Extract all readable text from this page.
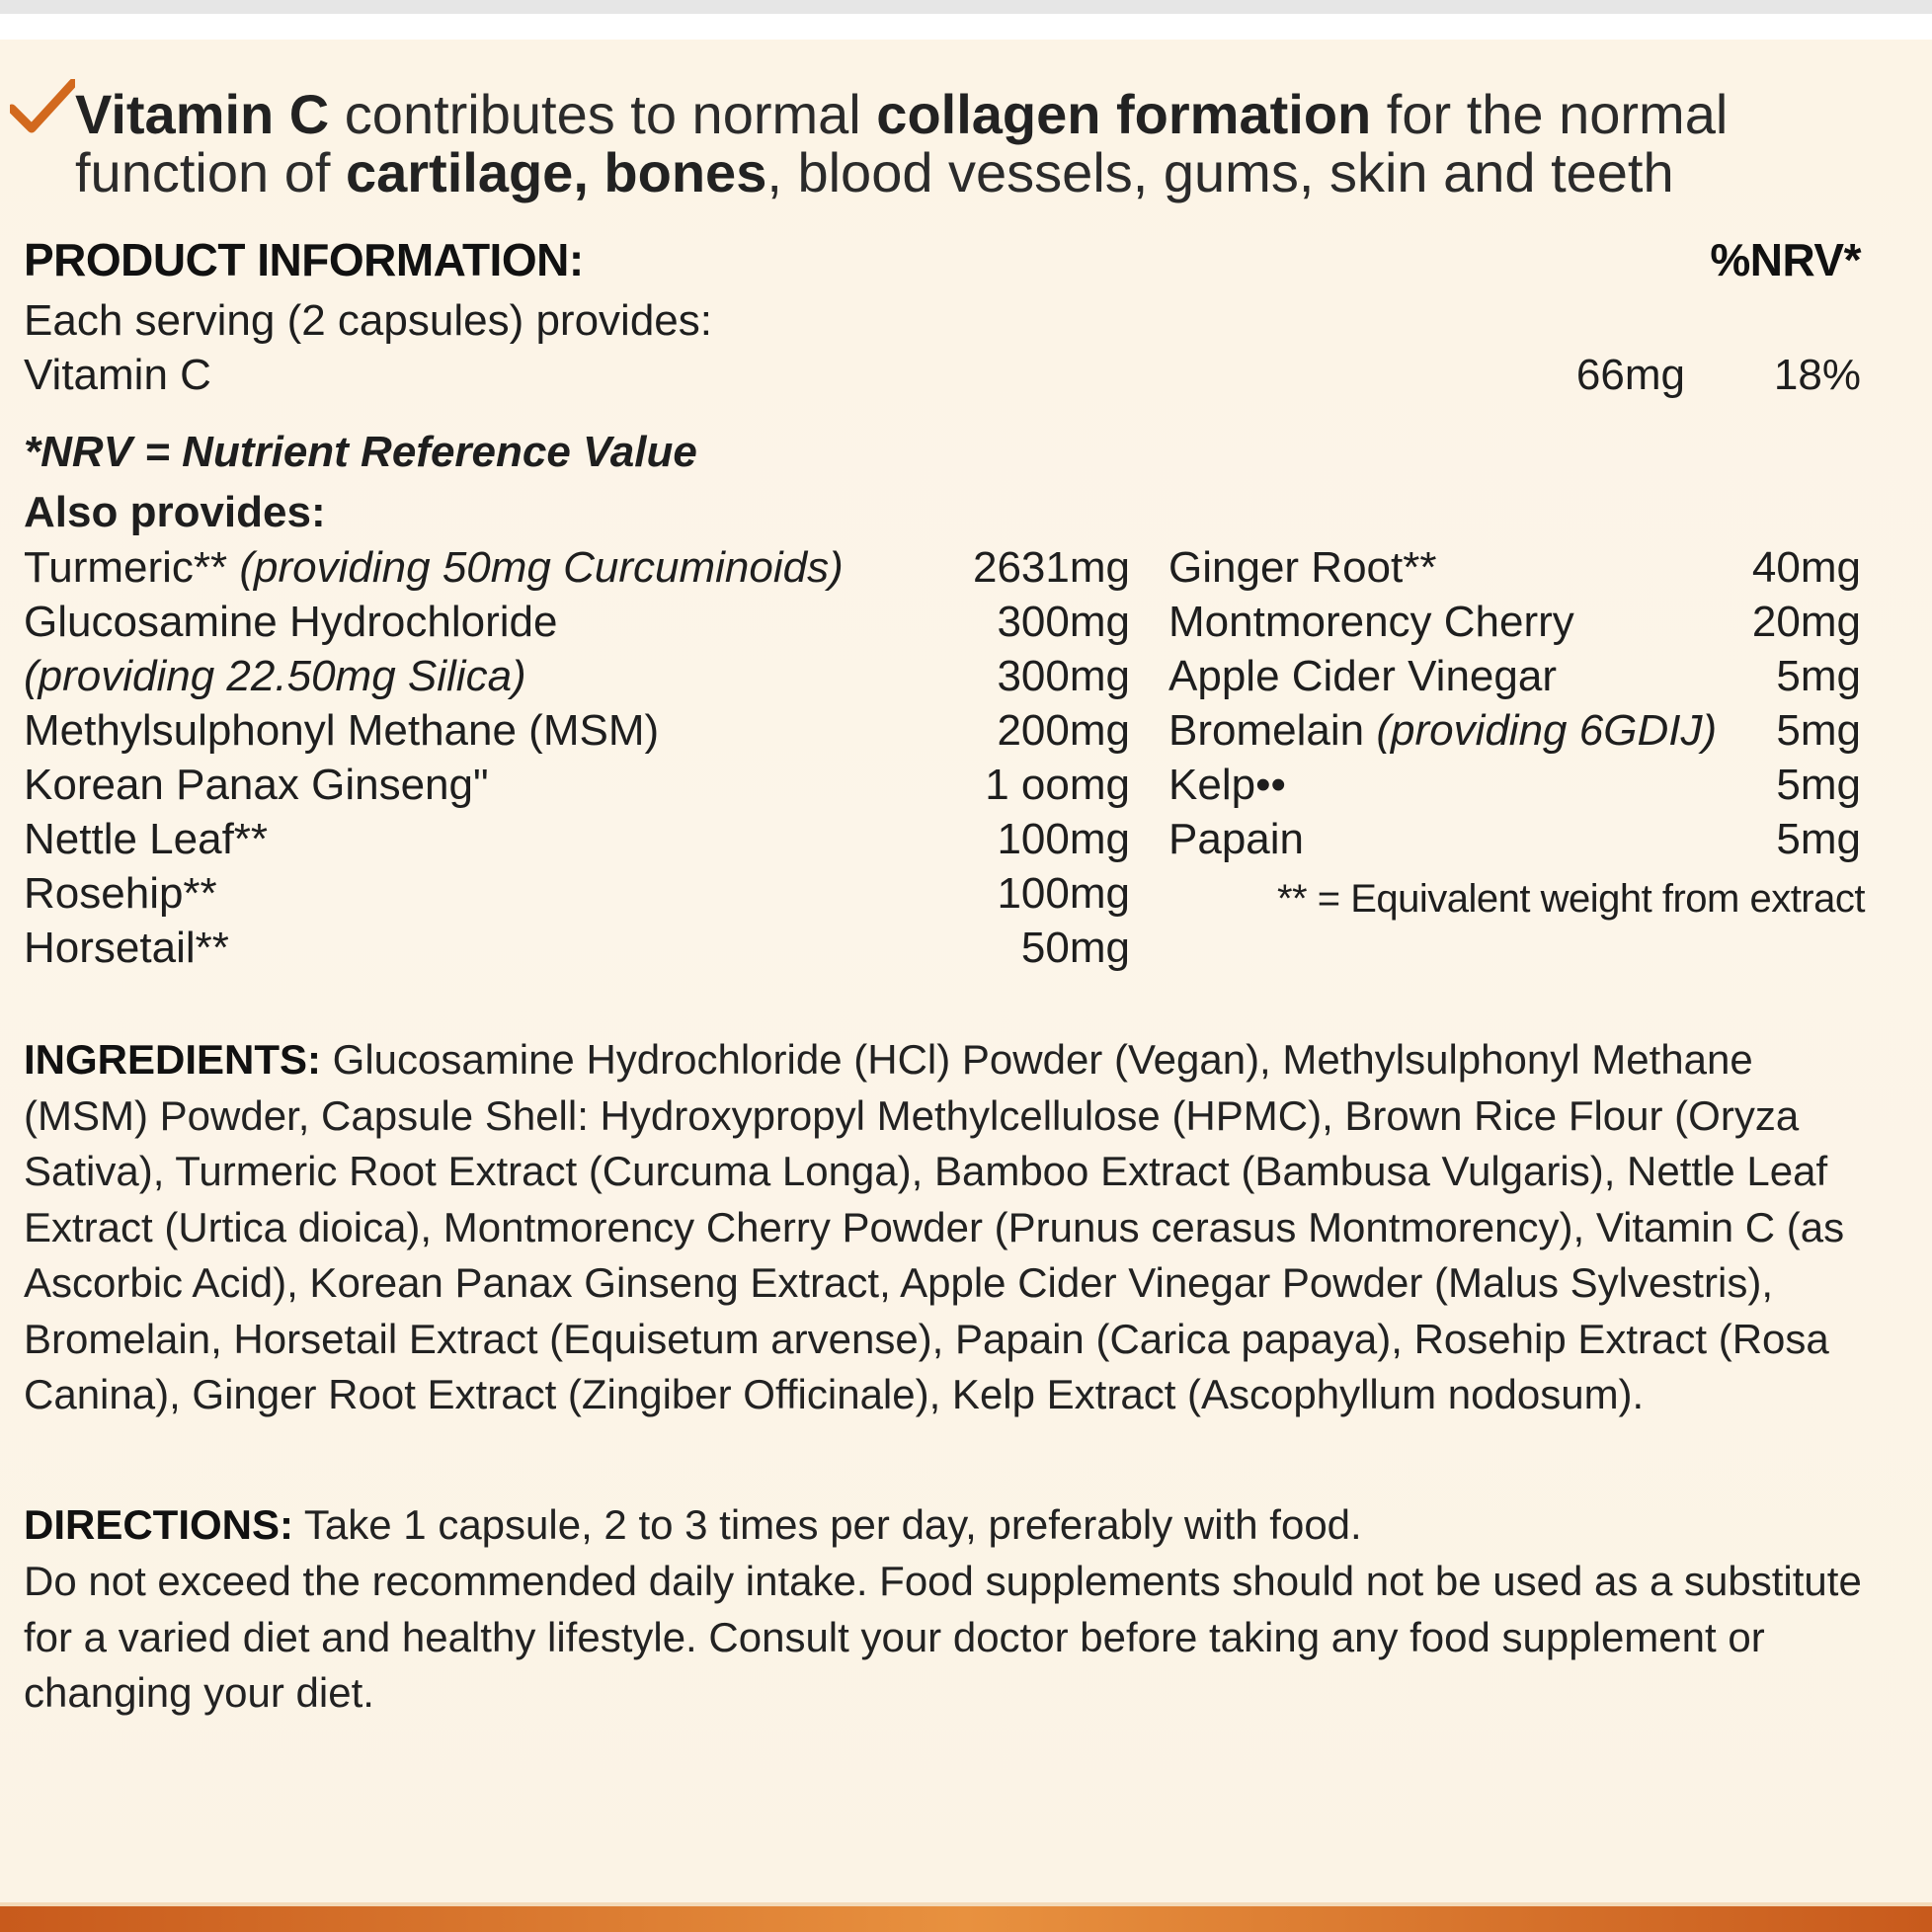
Vitamin C contributes to normal collagen formation for the normal
function of cartilage, bones, blood vessels, gums, skin and teeth
PRODUCT INFORMATION:	%NRV*
Each serving (2 capsules) provides:
Vitamin C	66mg 18%
*NRV = Nutrient Reference Value
Also provides:
Turmeric** (providing 50mg Curcuminoids)	2631mg
Glucosamine Hydrochloride	300mg
(providing 22.50mg Silica)	300mg
Methylsulphonyl Methane (MSM)	200mg
Korean Panax Ginseng"	1 oomg
Nettle Leaf**	100mg
Rosehip**	100mg
Horsetail**	50mg
Ginger Root**	40mg
Montmorency Cherry	20mg
Apple Cider Vinegar	5mg
Bromelain (providing 6GDIJ) 5mg
Kelp••	5mg
Papain	5mg
** = Equivalent weight from extract
INGREDIENTS: Glucosamine Hydrochloride (HCl) Powder (Vegan), Methylsulphonyl Methane (MSM) Powder, Capsule Shell: Hydroxypropyl Methylcellulose (HPMC), Brown Rice Flour (Oryza Sativa), Turmeric Root Extract (Curcuma Longa), Bamboo Extract (Bambusa Vulgaris), Nettle Leaf Extract (Urtica dioica), Montmorency Cherry Powder (Prunus cerasus Montmorency), Vitamin C (as Ascorbic Acid), Korean Panax Ginseng Extract, Apple Cider Vinegar Powder (Malus Sylvestris), Bromelain, Horsetail Extract (Equisetum arvense), Papain (Carica papaya), Rosehip Extract (Rosa Canina), Ginger Root Extract (Zingiber Officinale), Kelp Extract (Ascophyllum nodosum).
DIRECTIONS: Take 1 capsule, 2 to 3 times per day, preferably with food.
Do not exceed the recommended daily intake. Food supplements should not be used as a substitute for a varied diet and healthy lifestyle. Consult your doctor before taking any food supplement or changing your diet.
